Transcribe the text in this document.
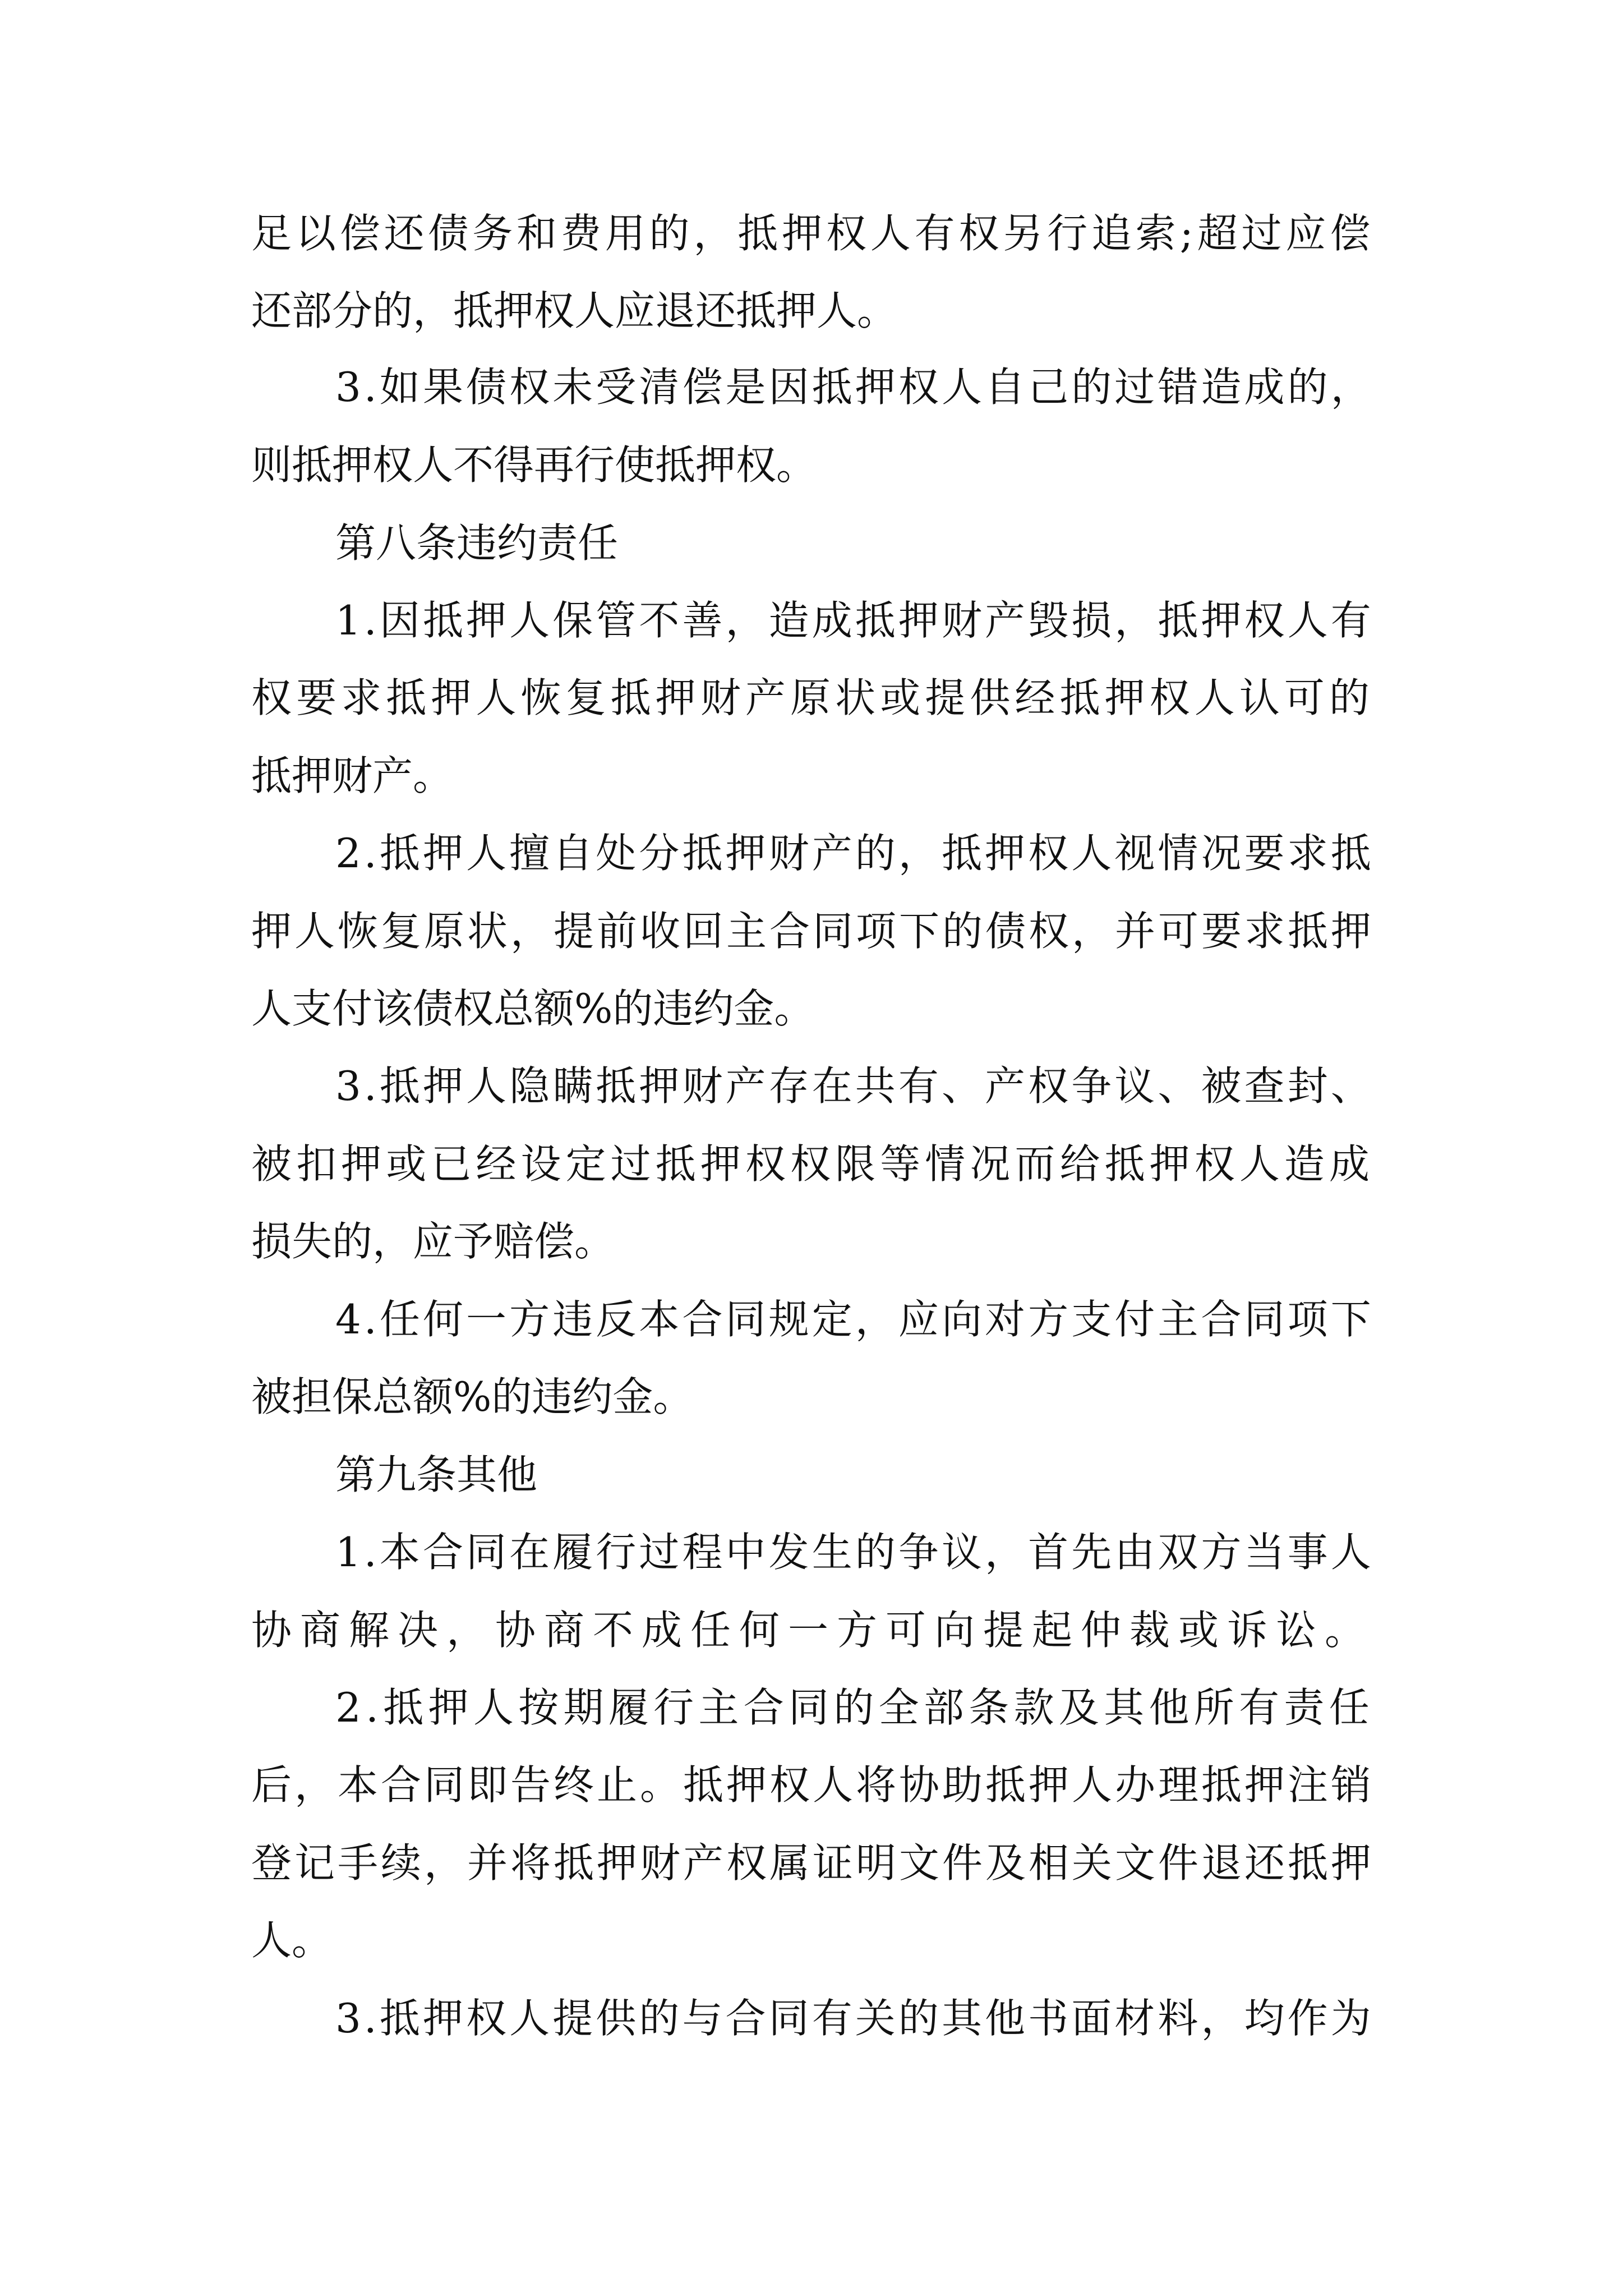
足以偿还债务和费用的，抵押权人有权另行追索;超过应偿

还部分的，抵押权人应退还抵押人。

3.如果债权未受清偿是因抵押权人自己的过错造成的，

则抵押权人不得再行使抵押权。

第八条违约责任

1.因抵押人保管不善，造成抵押财产毁损，抵押权人有

权要求抵押人恢复抵押财产原状或提供经抵押权人认可的

抵押财产。

2.抵押人擅自处分抵押财产的，抵押权人视情况要求抵

押人恢复原状，提前收回主合同项下的债权，并可要求抵押

人支付该债权总额%的违约金。

3.抵押人隐瞒抵押财产存在共有、产权争议、被查封、

被扣押或已经设定过抵押权权限等情况而给抵押权人造成

损失的，应予赔偿。

4.任何一方违反本合同规定，应向对方支付主合同项下

被担保总额%的违约金。

第九条其他

1.本合同在履行过程中发生的争议，首先由双方当事人

协商解决，协商不成任何一方可向提起仲裁或诉讼。

2.抵押人按期履行主合同的全部条款及其他所有责任

后，本合同即告终止。抵押权人将协助抵押人办理抵押注销

登记手续，并将抵押财产权属证明文件及相关文件退还抵押

人。

3.抵押权人提供的与合同有关的其他书面材料，均作为
